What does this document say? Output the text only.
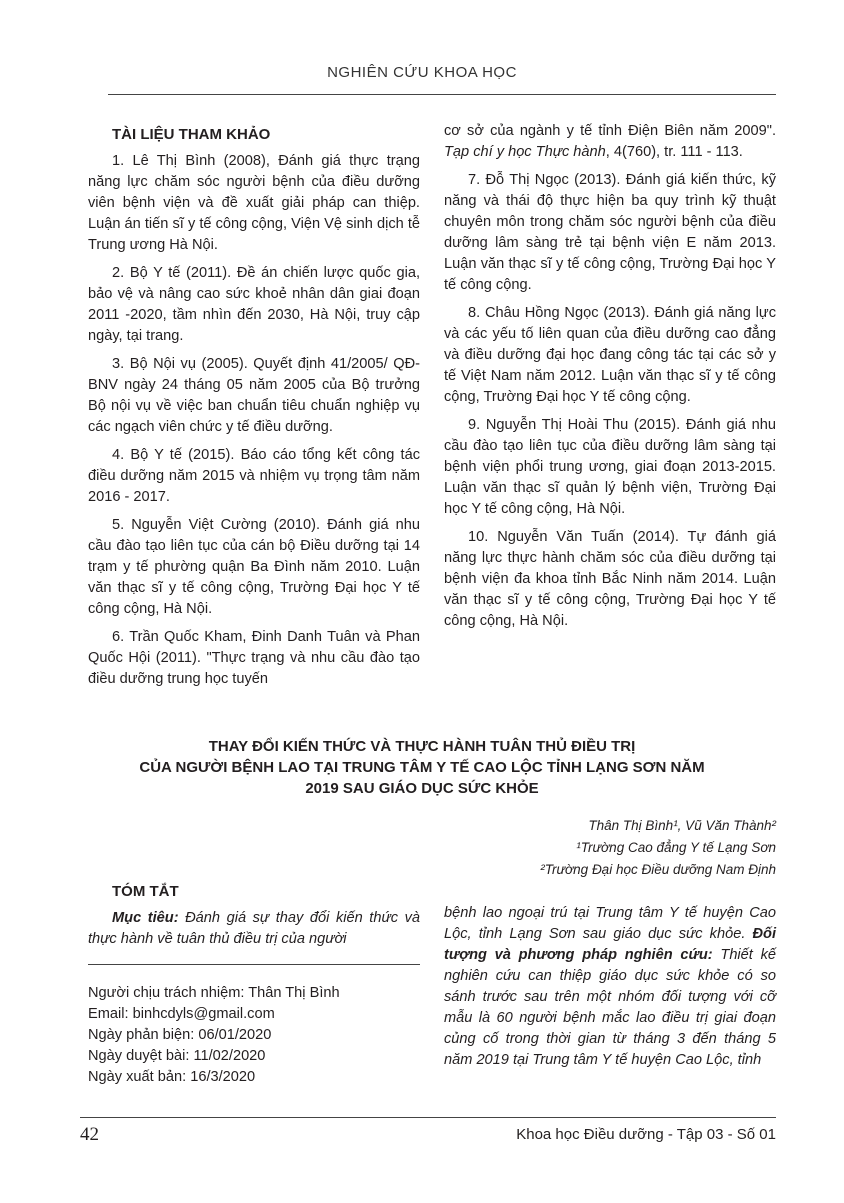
NGHIÊN CỨU KHOA HỌC
TÀI LIỆU THAM KHẢO

1. Lê Thị Bình (2008), Đánh giá thực trạng năng lực chăm sóc người bệnh của điều dưỡng viên bệnh viện và đề xuất giải pháp can thiệp. Luận án tiến sĩ y tế công cộng, Viện Vệ sinh dịch tễ Trung ương Hà Nội.

2. Bộ Y tế (2011). Đề án chiến lược quốc gia, bảo vệ và nâng cao sức khoẻ nhân dân giai đoạn 2011 -2020, tầm nhìn đến 2030, Hà Nội, truy cập ngày, tại trang.

3. Bộ Nội vụ (2005). Quyết định 41/2005/ QĐ-BNV ngày 24 tháng 05 năm 2005 của Bộ trưởng Bộ nội vụ về việc ban chuẩn tiêu chuẩn nghiệp vụ các ngạch viên chức y tế điều dưỡng.

4. Bộ Y tế (2015). Báo cáo tổng kết công tác điều dưỡng năm 2015 và nhiệm vụ trọng tâm năm 2016 - 2017.

5. Nguyễn Việt Cường (2010). Đánh giá nhu cầu đào tạo liên tục của cán bộ Điều dưỡng tại 14 trạm y tế phường quận Ba Đình năm 2010. Luận văn thạc sĩ y tế công cộng, Trường Đại học Y tế công cộng, Hà Nội.

6. Trần Quốc Kham, Đinh Danh Tuân và Phan Quốc Hội (2011). "Thực trạng và nhu cầu đào tạo điều dưỡng trung học tuyến

cơ sở của ngành y tế tỉnh Điện Biên năm 2009". Tạp chí y học Thực hành, 4(760), tr. 111 - 113.

7. Đỗ Thị Ngọc (2013). Đánh giá kiến thức, kỹ năng và thái độ thực hiện ba quy trình kỹ thuật chuyên môn trong chăm sóc người bệnh của điều dưỡng lâm sàng trẻ tại bệnh viện E năm 2013. Luận văn thạc sĩ y tế công cộng, Trường Đại học Y tế công cộng.

8. Châu Hồng Ngọc (2013). Đánh giá năng lực và các yếu tố liên quan của điều dưỡng cao đẳng và điều dưỡng đại học đang công tác tại các sở y tế Việt Nam năm 2012. Luận văn thạc sĩ y tế công cộng, Trường Đại học Y tế công cộng.

9. Nguyễn Thị Hoài Thu (2015). Đánh giá nhu cầu đào tạo liên tục của điều dưỡng lâm sàng tại bệnh viện phổi trung ương, giai đoạn 2013-2015. Luận văn thạc sĩ quản lý bệnh viện, Trường Đại học Y tế công cộng, Hà Nội.

10. Nguyễn Văn Tuấn (2014). Tự đánh giá năng lực thực hành chăm sóc của điều dưỡng tại bệnh viện đa khoa tỉnh Bắc Ninh năm 2014. Luận văn thạc sĩ y tế công cộng, Trường Đại học Y tế công cộng, Hà Nội.

THAY ĐỔI KIẾN THỨC VÀ THỰC HÀNH TUÂN THỦ ĐIỀU TRỊ
CỦA NGƯỜI BỆNH LAO TẠI TRUNG TÂM Y TẾ CAO LỘC TỈNH LẠNG SƠN NĂM
2019 SAU GIÁO DỤC SỨC KHỎE
Thân Thị Bình¹, Vũ Văn Thành²
¹Trường Cao đẳng Y tế Lạng Sơn
²Trường Đại học Điều dưỡng Nam Định
TÓM TẮT

Mục tiêu: Đánh giá sự thay đổi kiến thức và thực hành về tuân thủ điều trị của người

Người chịu trách nhiệm: Thân Thị Bình
Email: binhcdyls@gmail.com
Ngày phản biện: 06/01/2020
Ngày duyệt bài: 11/02/2020
Ngày xuất bản: 16/3/2020

bệnh lao ngoại trú tại Trung tâm Y tế huyện Cao Lộc, tỉnh Lạng Sơn sau giáo dục sức khỏe. Đối tượng và phương pháp nghiên cứu: Thiết kế nghiên cứu can thiệp giáo dục sức khỏe có so sánh trước sau trên một nhóm đối tượng với cỡ mẫu là 60 người bệnh mắc lao điều trị giai đoạn củng cố trong thời gian từ tháng 3 đến tháng 5 năm 2019 tại Trung tâm Y tế huyện Cao Lộc, tỉnh

42	Khoa học Điều dưỡng - Tập 03 - Số 01
